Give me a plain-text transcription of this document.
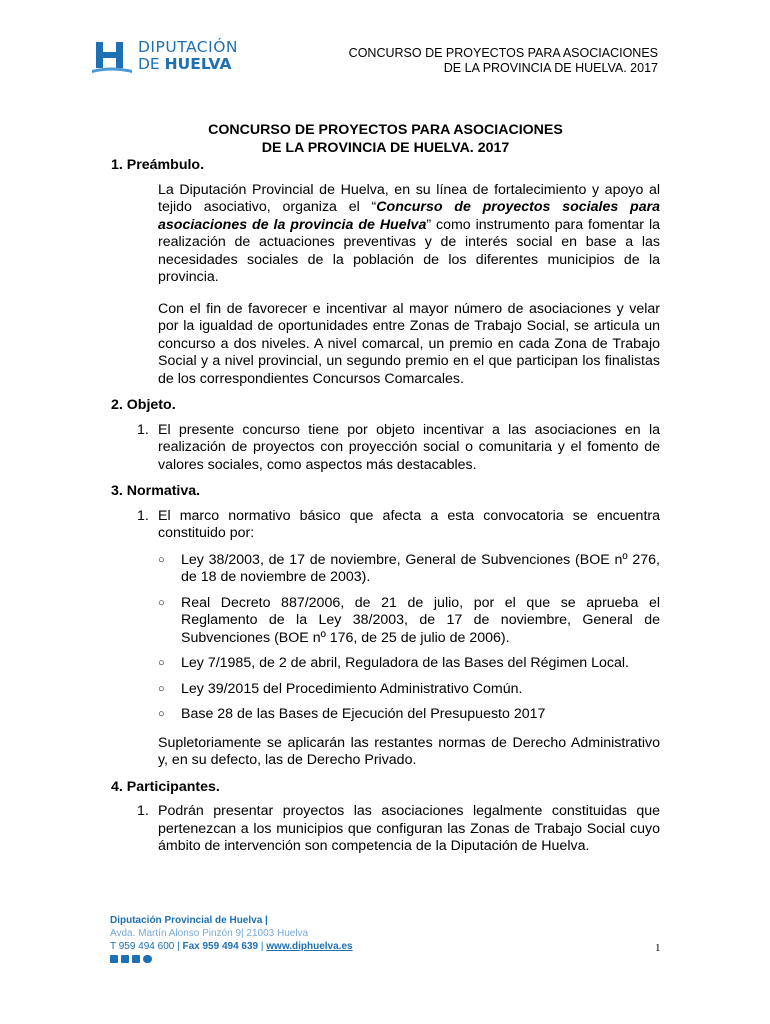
DIPUTACIÓN
DE HUELVA
CONCURSO DE PROYECTOS PARA ASOCIACIONES
DE LA PROVINCIA DE HUELVA. 2017
CONCURSO DE PROYECTOS PARA ASOCIACIONES
DE LA PROVINCIA DE HUELVA. 2017
1. Preámbulo.

La Diputación Provincial de Huelva, en su línea de fortalecimiento y apoyo al tejido asociativo, organiza el “Concurso de proyectos sociales para asociaciones de la provincia de Huelva” como instrumento para fomentar la realización de actuaciones preventivas y de interés social en base a las necesidades sociales de la población de los diferentes municipios de la provincia.

Con el fin de favorecer e incentivar al mayor número de asociaciones y velar por la igualdad de oportunidades entre Zonas de Trabajo Social, se articula un concurso a dos niveles. A nivel comarcal, un premio en cada Zona de Trabajo Social y a nivel provincial, un segundo premio en el que participan los finalistas de los correspondientes Concursos Comarcales.

2. Objeto.
1. El presente concurso tiene por objeto incentivar a las asociaciones en la realización de proyectos con proyección social o comunitaria y el fomento de valores sociales, como aspectos más destacables.
3. Normativa.
1. El marco normativo básico que afecta a esta convocatoria se encuentra constituido por:
○	Ley 38/2003, de 17 de noviembre, General de Subvenciones (BOE nº 276, de 18 de noviembre de 2003).
○	Real Decreto 887/2006, de 21 de julio, por el que se aprueba el Reglamento de la Ley 38/2003, de 17 de noviembre, General de Subvenciones (BOE nº 176, de 25 de julio de 2006).
○	Ley 7/1985, de 2 de abril, Reguladora de las Bases del Régimen Local.
○	Ley 39/2015 del Procedimiento Administrativo Común.
○	Base 28 de las Bases de Ejecución del Presupuesto 2017

Supletoriamente se aplicarán las restantes normas de Derecho Administrativo y, en su defecto, las de Derecho Privado.

4. Participantes.
1. Podrán presentar proyectos las asociaciones legalmente constituidas que pertenezcan a los municipios que configuran las Zonas de Trabajo Social cuyo ámbito de intervención son competencia de la Diputación de Huelva.
Diputación Provincial de Huelva |
Avda. Martín Alonso Pinzón 9| 21003 Huelva
T 959 494 600 | Fax 959 494 639 | www.diphuelva.es	1
